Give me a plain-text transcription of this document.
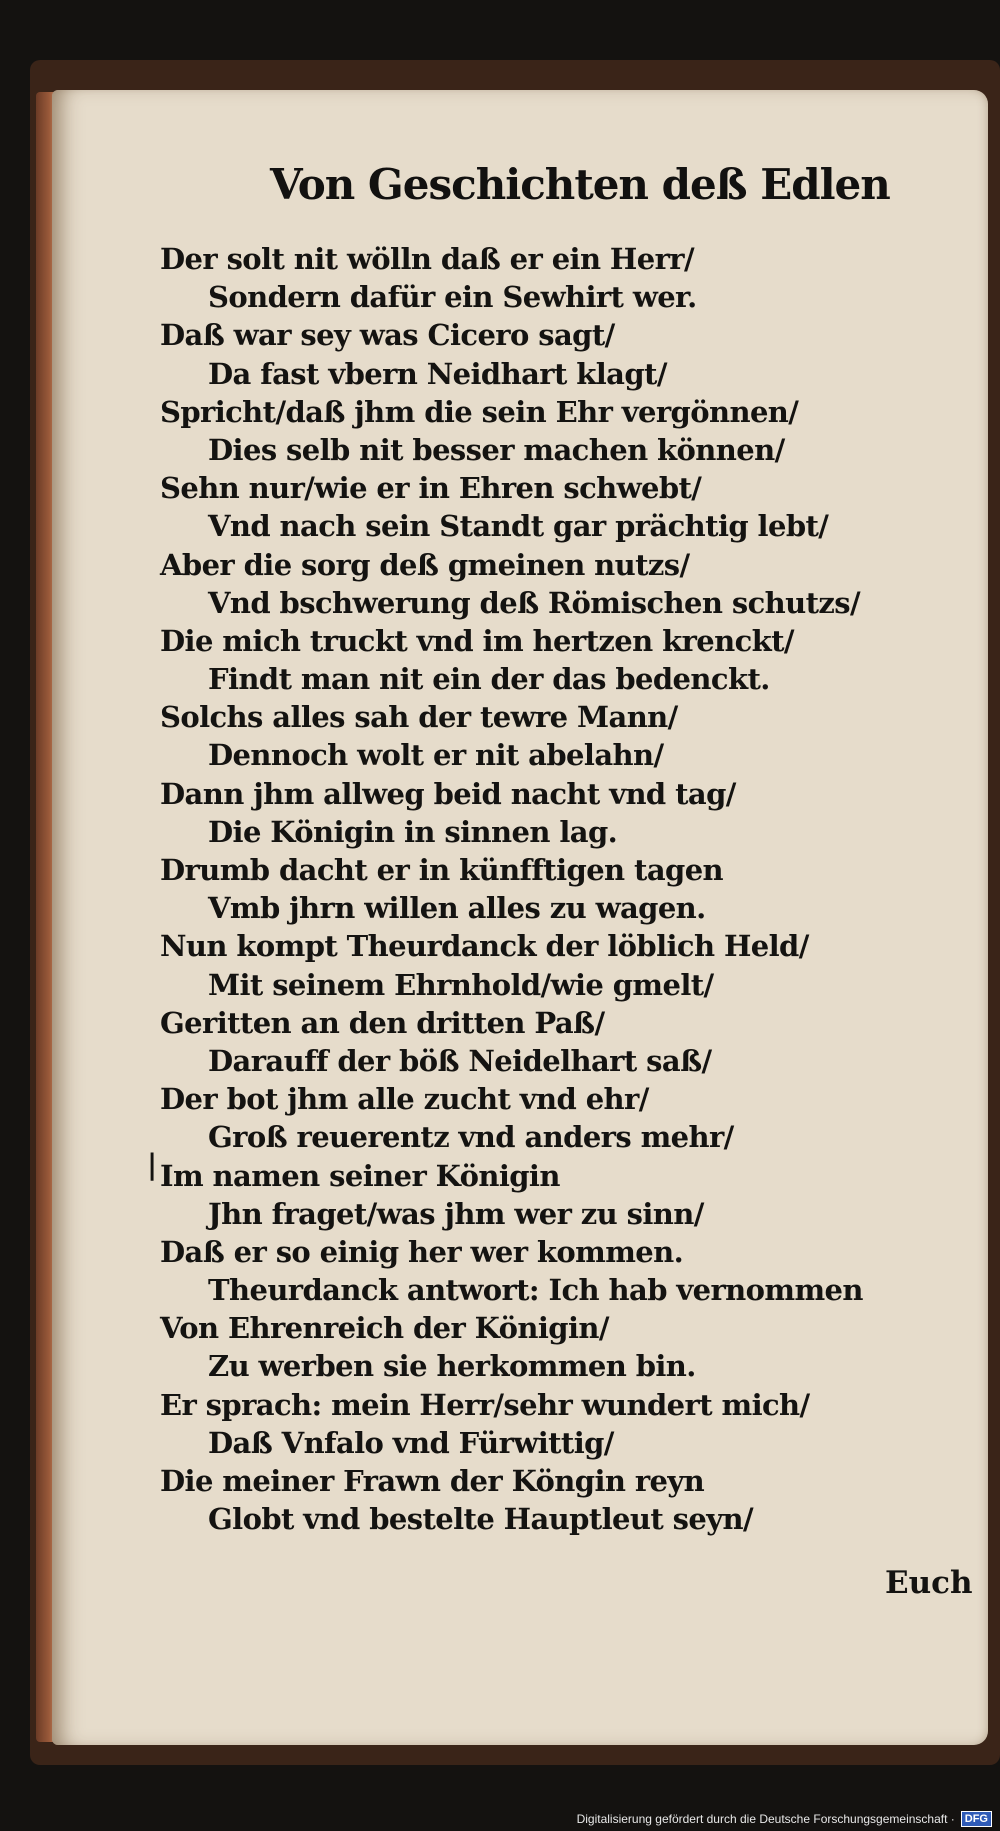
Von Geschichten deß Edlen
Der solt nit wölln daß er ein Herr/
Sondern dafür ein Sewhirt wer.
Daß war sey was Cicero sagt/
Da fast vbern Neidhart klagt/
Spricht/daß jhm die sein Ehr vergönnen/
Dies selb nit besser machen können/
Sehn nur/wie er in Ehren schwebt/
Vnd nach sein Standt gar prächtig lebt/
Aber die sorg deß gmeinen nutzs/
Vnd bschwerung deß Römischen schutzs/
Die mich truckt vnd im hertzen krenckt/
Findt man nit ein der das bedenckt.
Solchs alles sah der tewre Mann/
Dennoch wolt er nit abelahn/
Dann jhm allweg beid nacht vnd tag/
Die Königin in sinnen lag.
Drumb dacht er in künfftigen tagen
Vmb jhrn willen alles zu wagen.
Nun kompt Theurdanck der löblich Held/
Mit seinem Ehrnhold/wie gmelt/
Geritten an den dritten Paß/
Darauff der böß Neidelhart saß/
Der bot jhm alle zucht vnd ehr/
Groß reuerentz vnd anders mehr/
Im namen seiner Königin
Jhn fraget/was jhm wer zu sinn/
Daß er so einig her wer kommen.
Theurdanck antwort: Ich hab vernommen
Von Ehrenreich der Königin/
Zu werben sie herkommen bin.
Er sprach: mein Herr/sehr wundert mich/
Daß Vnfalo vnd Fürwittig/
Die meiner Frawn der Köngin reyn
Globt vnd bestelte Hauptleut seyn/
|
Euch
Digitalisierung gefördert durch die Deutsche Forschungsgemeinschaft · DFG
